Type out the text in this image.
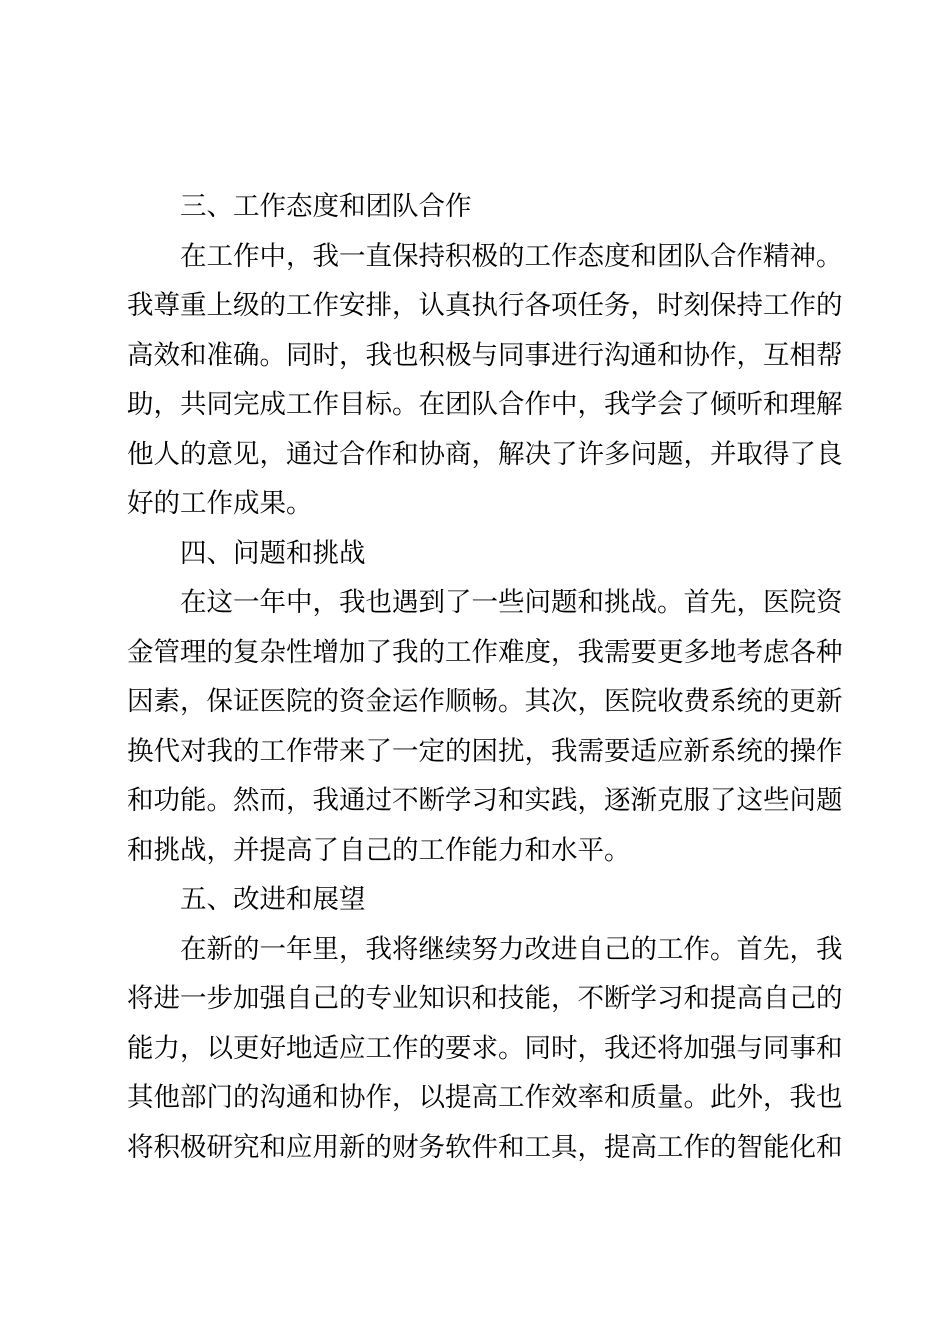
三、工作态度和团队合作
在工作中，我一直保持积极的工作态度和团队合作精神。
我尊重上级的工作安排，认真执行各项任务，时刻保持工作的
高效和准确。同时，我也积极与同事进行沟通和协作，互相帮
助，共同完成工作目标。在团队合作中，我学会了倾听和理解
他人的意见，通过合作和协商，解决了许多问题，并取得了良
好的工作成果。
四、问题和挑战
在这一年中，我也遇到了一些问题和挑战。首先，医院资
金管理的复杂性增加了我的工作难度，我需要更多地考虑各种
因素，保证医院的资金运作顺畅。其次，医院收费系统的更新
换代对我的工作带来了一定的困扰，我需要适应新系统的操作
和功能。然而，我通过不断学习和实践，逐渐克服了这些问题
和挑战，并提高了自己的工作能力和水平。
五、改进和展望
在新的一年里，我将继续努力改进自己的工作。首先，我
将进一步加强自己的专业知识和技能，不断学习和提高自己的
能力，以更好地适应工作的要求。同时，我还将加强与同事和
其他部门的沟通和协作，以提高工作效率和质量。此外，我也
将积极研究和应用新的财务软件和工具，提高工作的智能化和
